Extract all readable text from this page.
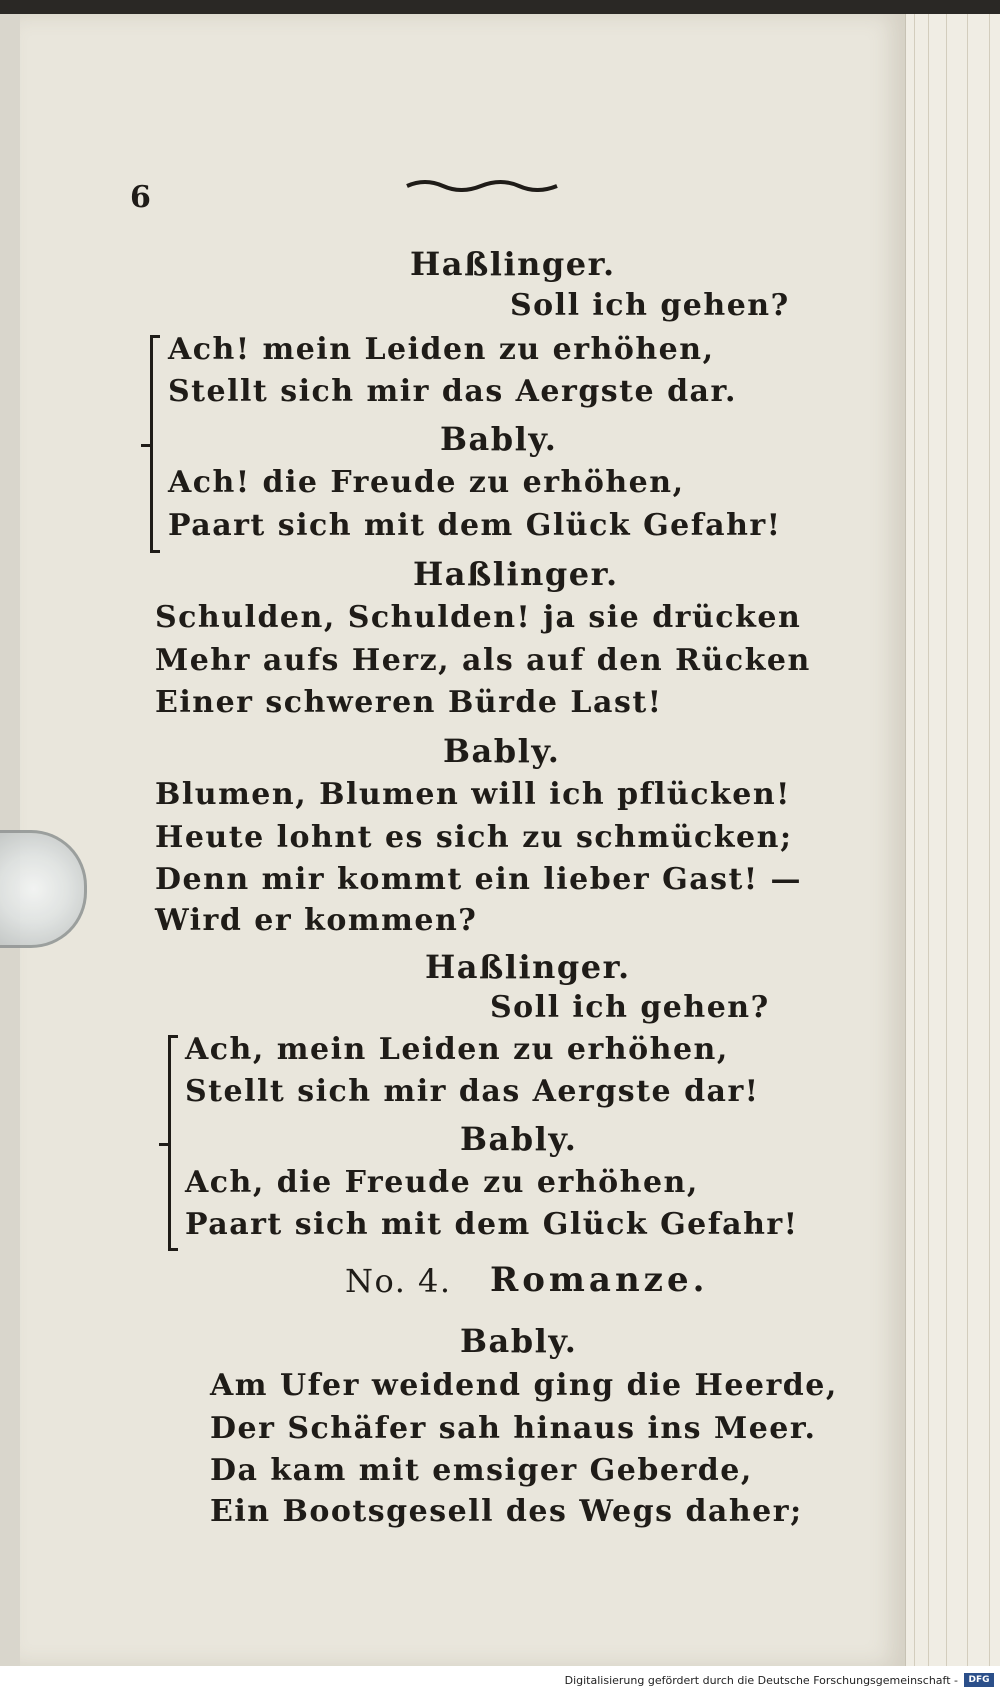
6
Haßlinger.
Soll ich gehen?
Ach! mein Leiden zu erhöhen,
Stellt sich mir das Aergste dar.
Bably.
Ach! die Freude zu erhöhen,
Paart sich mit dem Glück Gefahr!
Haßlinger.
Schulden, Schulden! ja sie drücken
Mehr aufs Herz, als auf den Rücken
Einer schweren Bürde Last!
Bably.
Blumen, Blumen will ich pflücken!
Heute lohnt es sich zu schmücken;
Denn mir kommt ein lieber Gast! —
Wird er kommen?
Haßlinger.
Soll ich gehen?
Ach, mein Leiden zu erhöhen,
Stellt sich mir das Aergste dar!
Bably.
Ach, die Freude zu erhöhen,
Paart sich mit dem Glück Gefahr!
No. 4. Romanze.
Bably.
Am Ufer weidend ging die Heerde,
Der Schäfer sah hinaus ins Meer.
Da kam mit emsiger Geberde,
Ein Bootsgesell des Wegs daher;
Digitalisierung gefördert durch die Deutsche Forschungsgemeinschaft -	DFG
